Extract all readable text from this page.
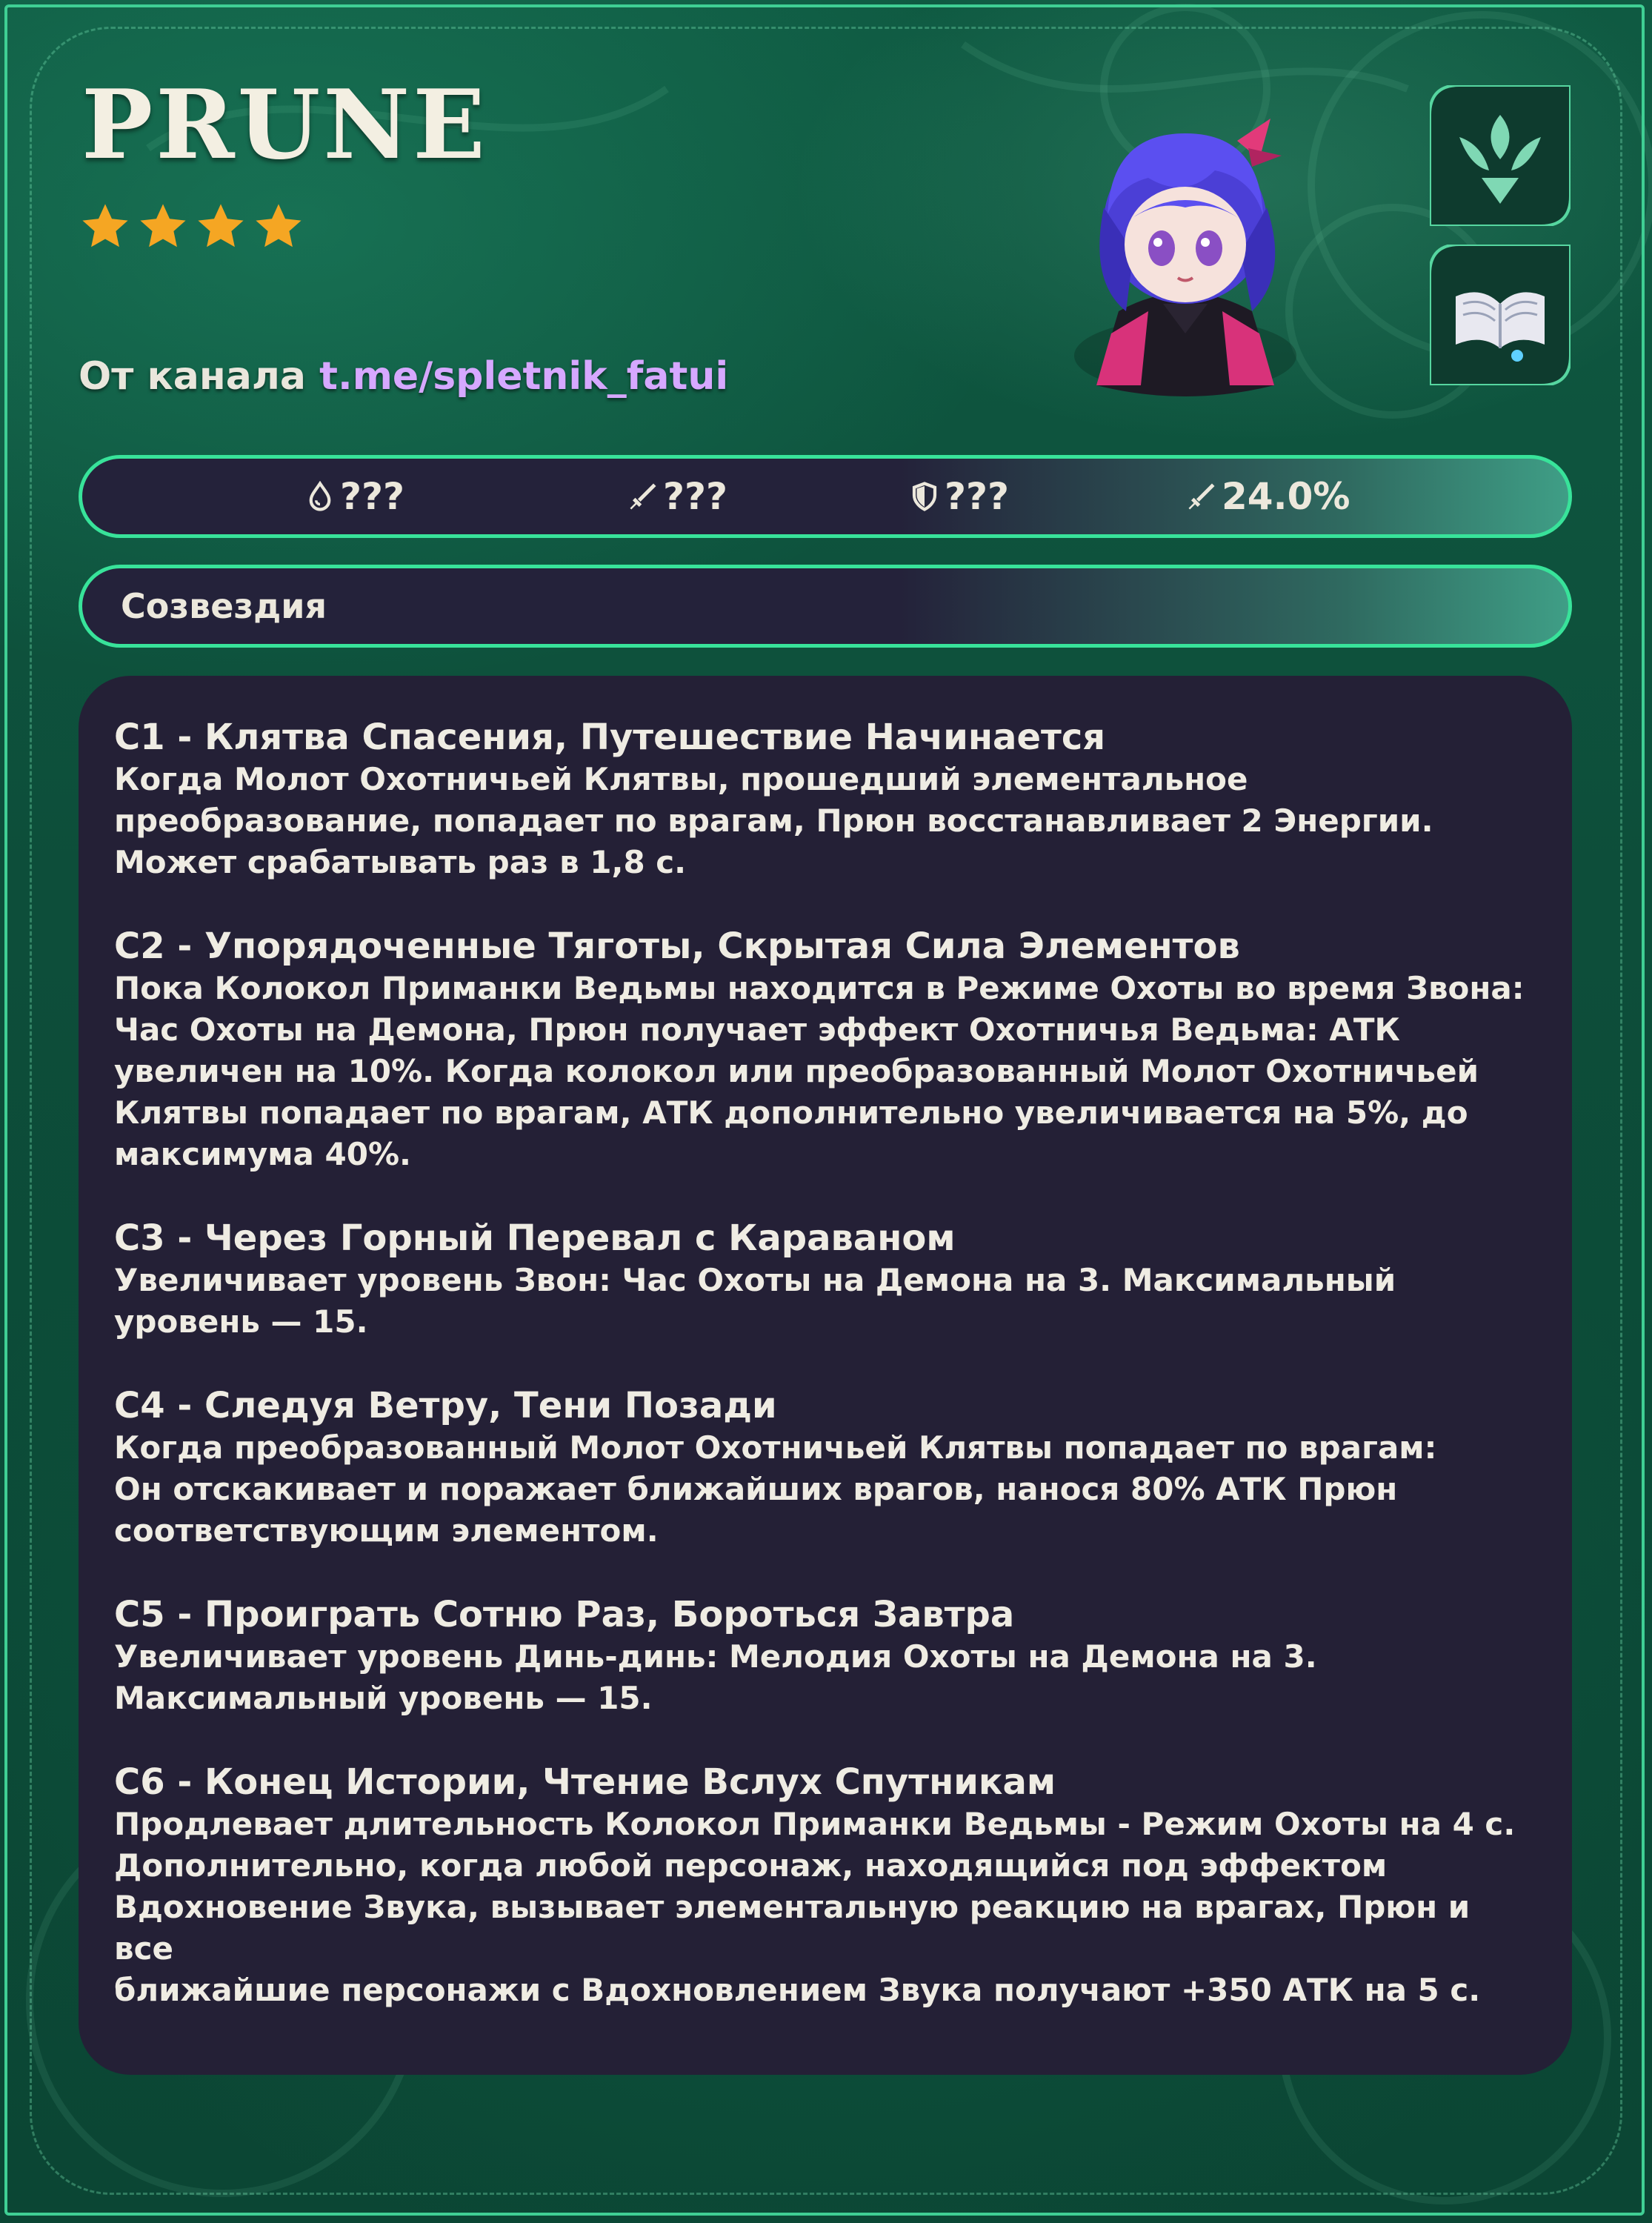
PRUNE
От канала t.me/spletnik_fatui
???	???	???	24.0%
Созвездия
C1 - Клятва Спасения, Путешествие Начинается
Когда Молот Охотничьей Клятвы, прошедший элементальное
преобразование, попадает по врагам, Прюн восстанавливает 2 Энергии.
Может срабатывать раз в 1,8 с.
C2 - Упорядоченные Тяготы, Скрытая Сила Элементов
Пока Колокол Приманки Ведьмы находится в Режиме Охоты во время Звона:
Час Охоты на Демона, Прюн получает эффект Охотничья Ведьма: АТК
увеличен на 10%. Когда колокол или преобразованный Молот Охотничьей
Клятвы попадает по врагам, АТК дополнительно увеличивается на 5%, до
максимума 40%.
C3 - Через Горный Перевал с Караваном
Увеличивает уровень Звон: Час Охоты на Демона на 3. Максимальный
уровень — 15.
C4 - Следуя Ветру, Тени Позади
Когда преобразованный Молот Охотничьей Клятвы попадает по врагам:
Он отскакивает и поражает ближайших врагов, нанося 80% АТК Прюн
соответствующим элементом.
C5 - Проиграть Сотню Раз, Бороться Завтра
Увеличивает уровень Динь-динь: Мелодия Охоты на Демона на 3.
Максимальный уровень — 15.
C6 - Конец Истории, Чтение Вслух Спутникам
Продлевает длительность Колокол Приманки Ведьмы - Режим Охоты на 4 с.
Дополнительно, когда любой персонаж, находящийся под эффектом
Вдохновение Звука, вызывает элементальную реакцию на врагах, Прюн и все
ближайшие персонажи с Вдохновлением Звука получают +350 АТК на 5 с.
